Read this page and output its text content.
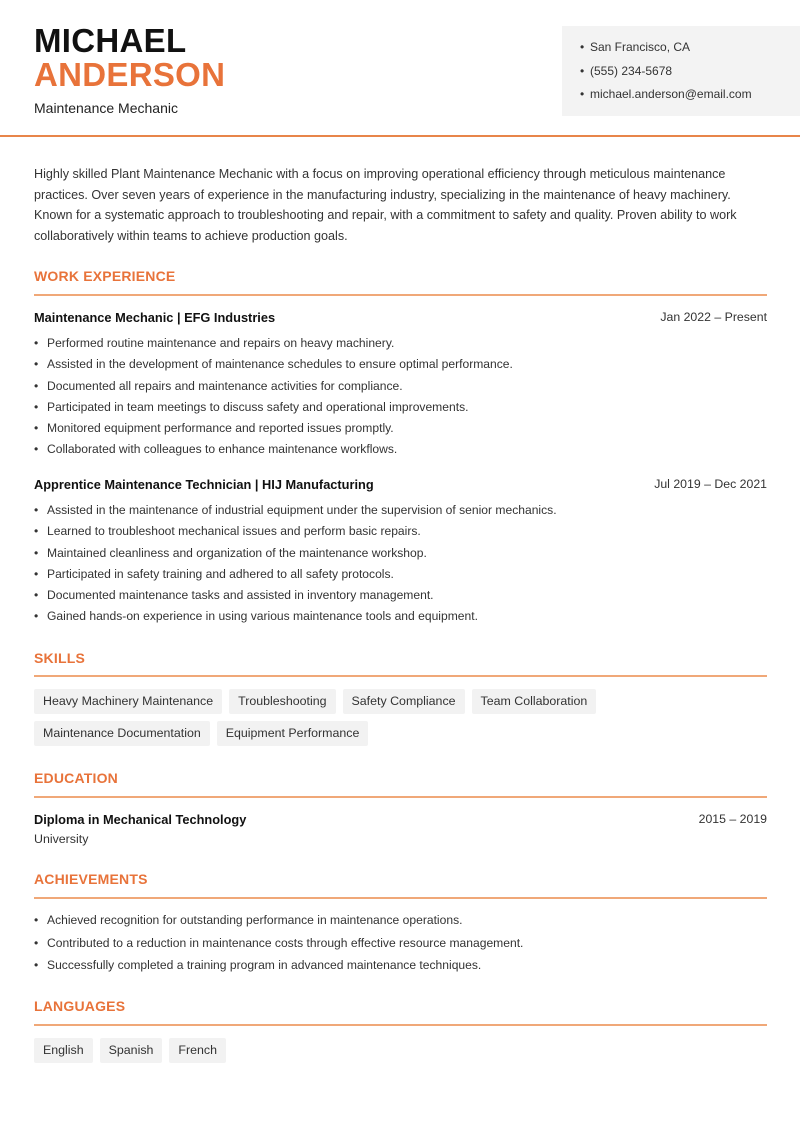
MICHAEL
ANDERSON
Maintenance Mechanic
• San Francisco, CA
• (555) 234-5678
• michael.anderson@email.com
Highly skilled Plant Maintenance Mechanic with a focus on improving operational efficiency through meticulous maintenance practices. Over seven years of experience in the manufacturing industry, specializing in the maintenance of heavy machinery. Known for a systematic approach to troubleshooting and repair, with a commitment to safety and quality. Proven ability to work collaboratively within teams to achieve production goals.
WORK EXPERIENCE
Maintenance Mechanic | EFG Industries	Jan 2022 – Present
• Performed routine maintenance and repairs on heavy machinery.
• Assisted in the development of maintenance schedules to ensure optimal performance.
• Documented all repairs and maintenance activities for compliance.
• Participated in team meetings to discuss safety and operational improvements.
• Monitored equipment performance and reported issues promptly.
• Collaborated with colleagues to enhance maintenance workflows.
Apprentice Maintenance Technician | HIJ Manufacturing	Jul 2019 – Dec 2021
• Assisted in the maintenance of industrial equipment under the supervision of senior mechanics.
• Learned to troubleshoot mechanical issues and perform basic repairs.
• Maintained cleanliness and organization of the maintenance workshop.
• Participated in safety training and adhered to all safety protocols.
• Documented maintenance tasks and assisted in inventory management.
• Gained hands-on experience in using various maintenance tools and equipment.
SKILLS
Heavy Machinery Maintenance	Troubleshooting	Safety Compliance	Team Collaboration
Maintenance Documentation	Equipment Performance
EDUCATION
Diploma in Mechanical Technology	2015 – 2019
University
ACHIEVEMENTS
• Achieved recognition for outstanding performance in maintenance operations.
• Contributed to a reduction in maintenance costs through effective resource management.
• Successfully completed a training program in advanced maintenance techniques.
LANGUAGES
English	Spanish	French
